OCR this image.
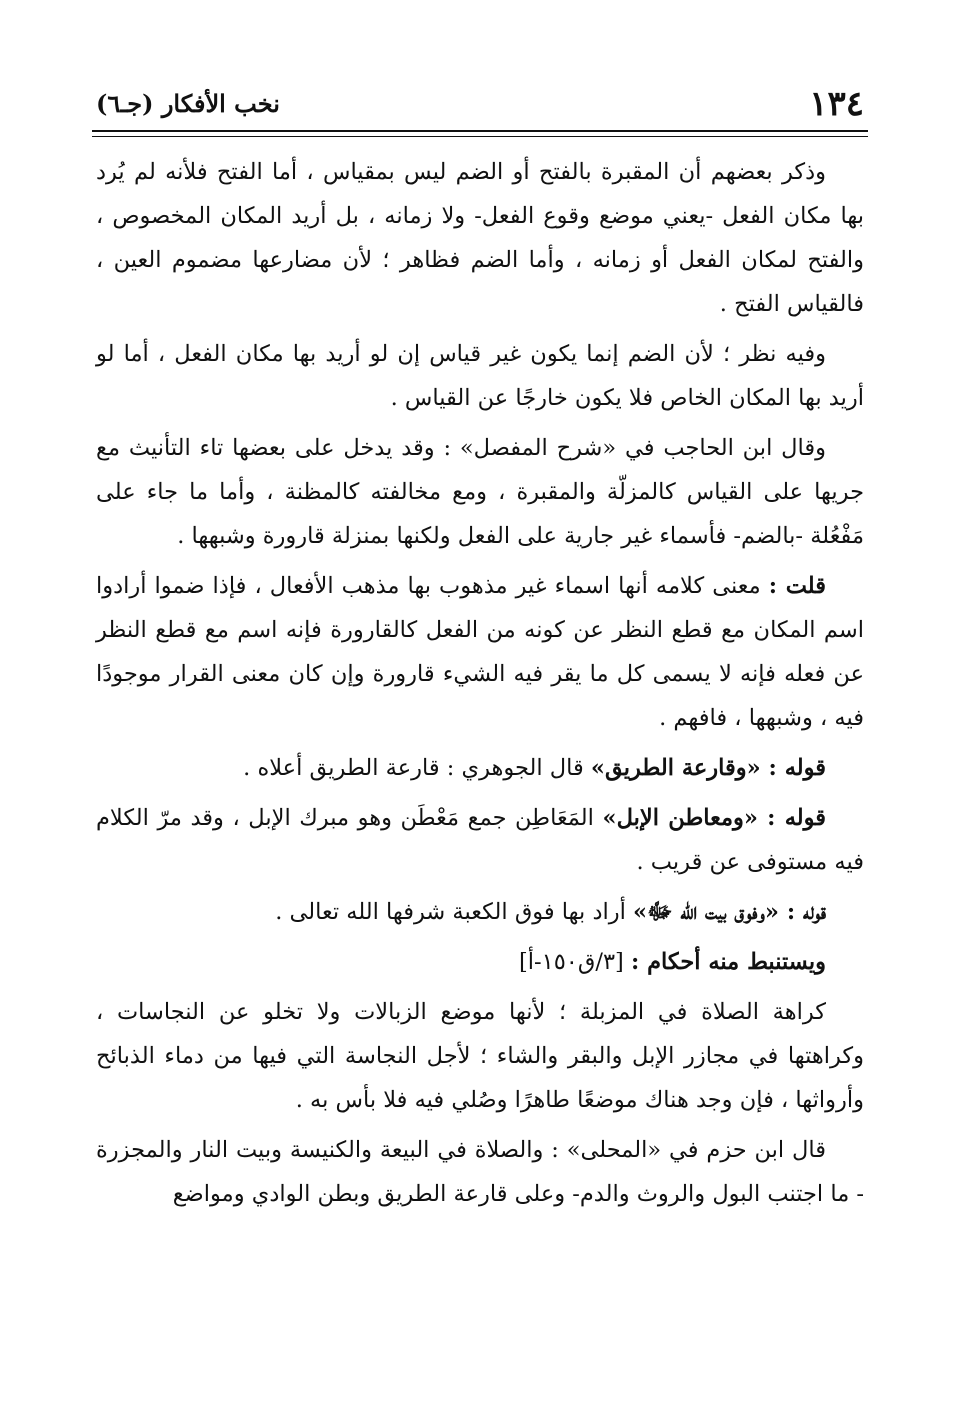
١٣٤
نخب الأفكار (جـ٦)

وذكر بعضهم أن المقبرة بالفتح أو الضم ليس بمقياس ، أما الفتح فلأنه لم يُرد بها مكان الفعل -يعني موضع وقوع الفعل- ولا زمانه ، بل أريد المكان المخصوص ، والفتح لمكان الفعل أو زمانه ، وأما الضم فظاهر ؛ لأن مضارعها مضموم العين ، فالقياس الفتح .

وفيه نظر ؛ لأن الضم إنما يكون غير قياس إن لو أريد بها مكان الفعل ، أما لو أريد بها المكان الخاص فلا يكون خارجًا عن القياس .

وقال ابن الحاجب في «شرح المفصل» : وقد يدخل على بعضها تاء التأنيث مع جريها على القياس كالمزلّة والمقبرة ، ومع مخالفته كالمظنة ، وأما ما جاء على مَفْعُلة -بالضم- فأسماء غير جارية على الفعل ولكنها بمنزلة قارورة وشبهها .

قلت : معنى كلامه أنها اسماء غير مذهوب بها مذهب الأفعال ، فإذا ضموا أرادوا اسم المكان مع قطع النظر عن كونه من الفعل كالقارورة فإنه اسم مع قطع النظر عن فعله فإنه لا يسمى كل ما يقر فيه الشيء قارورة وإن كان معنى القرار موجودًا فيه ، وشبهها ، فافهم .

قوله : «وقارعة الطريق» قال الجوهري : قارعة الطريق أعلاه .

قوله : «ومعاطن الإبل» المَعَاطِن جمع مَعْطَن وهو مبرك الإبل ، وقد مرّ الكلام فيه مستوفى عن قريب .

قوله : «وفوق بيت الله ﷻ» أراد بها فوق الكعبة شرفها الله تعالى .

ويستنبط منه أحكام : [٣/ق١٥٠-أ]

كراهة الصلاة في المزبلة ؛ لأنها موضع الزبالات ولا تخلو عن النجاسات ، وكراهتها في مجازر الإبل والبقر والشاء ؛ لأجل النجاسة التي فيها من دماء الذبائح وأرواثها ، فإن وجد هناك موضعًا طاهرًا وصُلي فيه فلا بأس به .

قال ابن حزم في «المحلى» : والصلاة في البيعة والكنيسة وبيت النار والمجزرة - ما اجتنب البول والروث والدم- وعلى قارعة الطريق وبطن الوادي ومواضع
